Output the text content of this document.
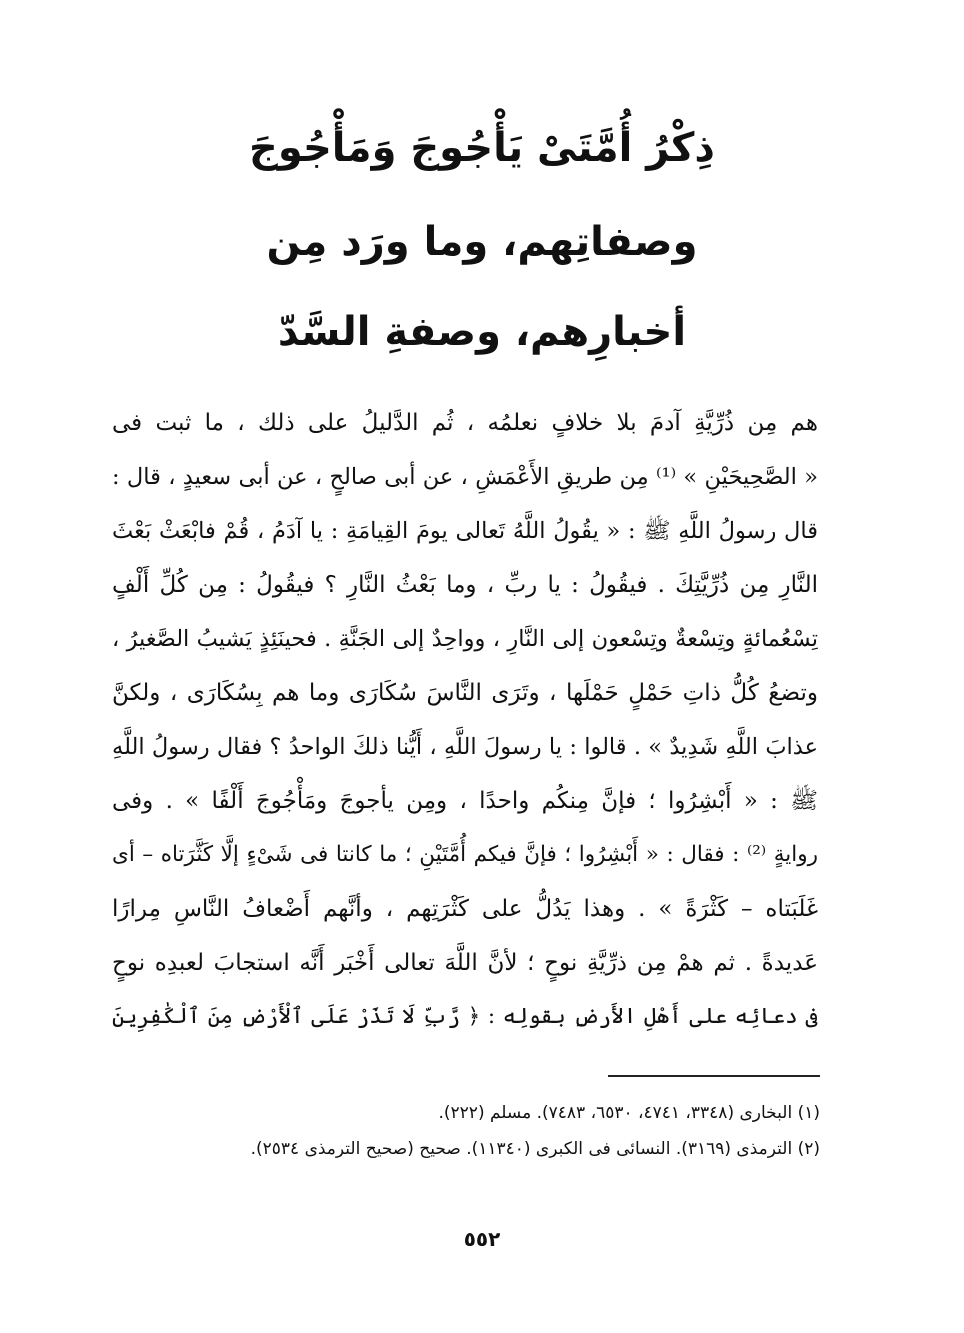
ذِكْرُ أُمَّتَىْ يَأْجُوجَ وَمَأْجُوجَ
وصفاتِهم، وما ورَد مِن
أخبارِهم، وصفةِ السَّدّ
هم مِن ذُرِّيَّةِ آدمَ بلا خلافٍ نعلمُه ، ثُم الدَّليلُ على ذلك ، ما ثبت فى
« الصَّحِيحَيْنِ » ⁽¹⁾ مِن طريقِ الأَعْمَشِ ، عن أبى صالحٍ ، عن أبى سعيدٍ ، قال :
قال رسولُ اللَّهِ ﷺ : « يقُولُ اللَّهُ تَعالى يومَ القِيامَةِ : يا آدَمُ ، قُمْ فابْعَثْ بَعْثَ
النَّارِ مِن ذُرِّيَّتِكَ . فيقُولُ : يا ربِّ ، وما بَعْثُ النَّارِ ؟ فيقُولُ : مِن كُلِّ أَلْفٍ
تِسْعُمائةٍ وتِسْعةٌ وتِسْعون إلى النَّارِ ، وواحِدٌ إلى الجَنَّةِ . فحينَئِذٍ يَشيبُ الصَّغيرُ ،
وتضعُ كُلُّ ذاتِ حَمْلٍ حَمْلَها ، وتَرَى النَّاسَ سُكَارَى وما هم بِسُكَارَى ، ولكنَّ
عذابَ اللَّهِ شَدِيدٌ » . قالوا : يا رسولَ اللَّهِ ، أَيُّنا ذلكَ الواحدُ ؟ فقال رسولُ اللَّهِ
ﷺ : « أَبْشِرُوا ؛ فإنَّ مِنكُم واحدًا ، ومِن يأجوجَ ومَأْجُوجَ أَلْفًا » . وفى
روايةٍ ⁽²⁾ : فقال : « أَبْشِرُوا ؛ فإنَّ فيكم أُمَّتَيْنِ ؛ ما كانتا فى شَىْءٍ إلَّا كَثَّرَتاه – أى
غَلَبَتاه – كَثْرَةً » . وهذا يَدُلُّ على كَثْرَتِهم ، وأنَّهم أَضْعافُ النَّاسِ مِرارًا
عَديدةً . ثم همْ مِن ذرِّيَّةِ نوحٍ ؛ لأنَّ اللَّهَ تعالى أَخْبَر أَنَّه استجابَ لعبدِه نوحٍ
فى دعائِه على أَهْلِ الأَرضِ بقولِه : ﴿ رَّبِّ لَا تَذَرْ عَلَى ٱلْأَرْضِ مِنَ ٱلْكَٰفِرِينَ
(١) البخارى (٣٣٤٨، ٤٧٤١، ٦٥٣٠، ٧٤٨٣). مسلم (٢٢٢).
(٢) الترمذى (٣١٦٩). النسائى فى الكبرى (١١٣٤٠). صحيح (صحيح الترمذى ٢٥٣٤).
٥٥٢
